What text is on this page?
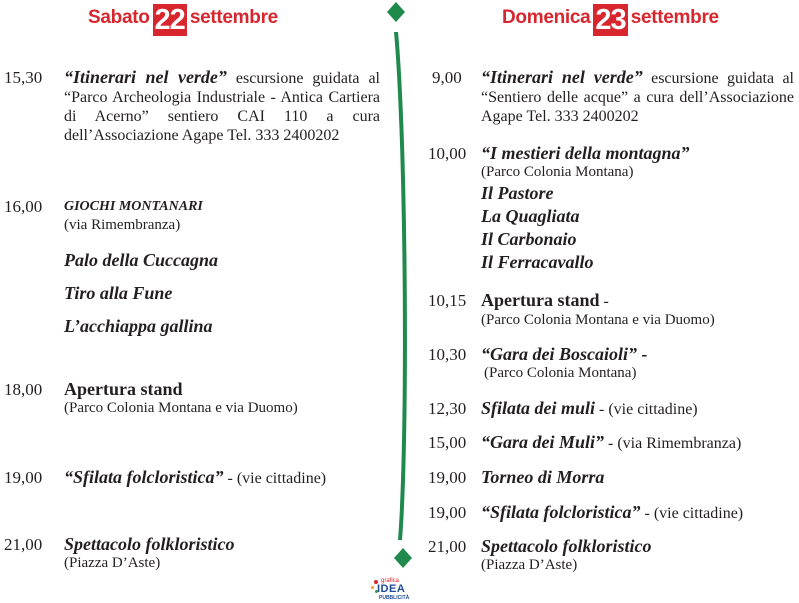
Sabato 22 settembre
15,30 “Itinerari nel verde” escursione guidata al “Parco Archeologia Industriale - Antica Cartiera di Acerno” sentiero CAI 110 a cura dell’Associazione Agape Tel. 333 2400202
16,00 GIOCHI MONTANARI
(via Rimembranza)
Palo della Cuccagna
Tiro alla Fune
L’acchiappa gallina
18,00 Apertura stand
(Parco Colonia Montana e via Duomo)
19,00 “Sfilata folcloristica” - (vie cittadine)
21,00 Spettacolo folkloristico
(Piazza D’Aste)
Domenica 23 settembre
9,00 “Itinerari nel verde” escursione guidata al “Sentiero delle acque” a cura dell’Associazione Agape Tel. 333 2400202
10,00 “I mestieri della montagna”
(Parco Colonia Montana)
Il Pastore
La Quagliata
Il Carbonaio
Il Ferracavallo
10,15 Apertura stand -
(Parco Colonia Montana e via Duomo)
10,30 “Gara dei Boscaioli” -
(Parco Colonia Montana)
12,30 Sfilata dei muli - (vie cittadine)
15,00 “Gara dei Muli” - (via Rimembranza)
19,00 Torneo di Morra
19,00 “Sfilata folcloristica” - (vie cittadine)
21,00 Spettacolo folkloristico
(Piazza D’Aste)
grafica
IDEA
PUBBLICITÀ
